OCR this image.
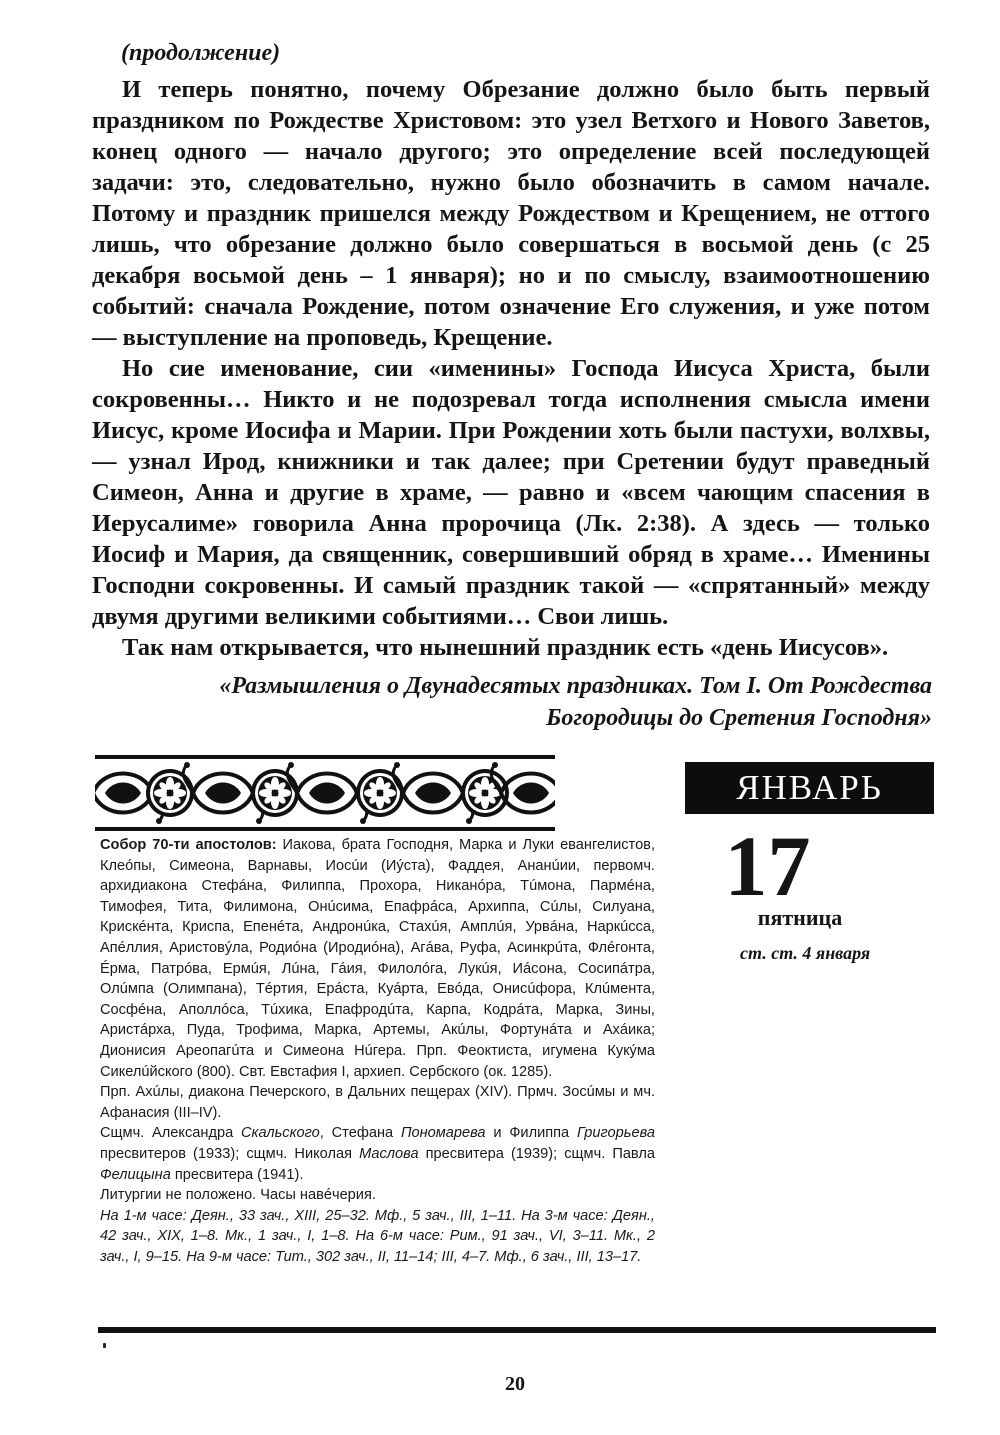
(продолжение)

И теперь понятно, почему Обрезание должно было быть первый праздником по Рождестве Христовом: это узел Ветхого и Нового Заветов, конец одного — начало другого; это определение всей последующей задачи: это, следовательно, нужно было обозначить в самом начале. Потому и праздник пришелся между Рождеством и Крещением, не оттого лишь, что обрезание должно было совершаться в восьмой день (с 25 декабря восьмой день – 1 января); но и по смыслу, взаимоотношению событий: сначала Рождение, потом означение Его служения, и уже потом — выступление на проповедь, Крещение.

Но сие именование, сии «именины» Господа Иисуса Христа, были сокровенны… Никто и не подозревал тогда исполнения смысла имени Иисус, кроме Иосифа и Марии. При Рождении хоть были пастухи, волхвы, — узнал Ирод, книжники и так далее; при Сретении будут праведный Симеон, Анна и другие в храме, — равно и «всем чающим спасения в Иерусалиме» говорила Анна пророчица (Лк. 2:38). А здесь — только Иосиф и Мария, да священник, совершивший обряд в храме… Именины Господни сокровенны. И самый праздник такой — «спрятанный» между двумя другими великими событиями… Свои лишь.

Так нам открывается, что нынешний праздник есть «день Иисусов».

«Размышления о Двунадесятых праздниках. Том I. От Рождества
Богородицы до Сретения Господня»
ЯНВАРЬ
17
пятница
ст. ст. 4 января

Собор 70-ти апостолов: Иакова, брата Господня, Марка и Луки евангелистов, Клеóпы, Симеона, Варнавы, Иосúи (Иýста), Фаддея, Ананúии, первомч. архидиакона Стефáна, Филиппа, Прохора, Никанóра, Тúмона, Пармéна, Тимофея, Тита, Филимона, Онúсима, Епафрáса, Архиппа, Сúлы, Силуана, Крискéнта, Криспа, Епенéта, Андронúка, Стахúя, Амплúя, Урвáна, Наркúсса, Апéллия, Аристовýла, Родиóна (Иродиóна), Агáва, Руфа, Асинкрúта, Флéгонта, Éрма, Патрóва, Ермúя, Лúна, Гáия, Филолóга, Лукúя, Иáсона, Сосипáтра, Олúмпа (Олимпана), Тéртия, Ерáста, Куáрта, Евóда, Онисúфора, Клúмента, Сосфéна, Аполлóса, Тúхика, Епафродúта, Карпа, Кодрáта, Марка, Зины, Аристáрха, Пуда, Трофима, Марка, Артемы, Акúлы, Фортунáта и Ахáика; Дионисия Ареопагúта и Симеона Нúгера. Прп. Феоктиста, игумена Кукýма Сикелúйского (800). Свт. Евстафия I, архиеп. Сербского (ок. 1285).

Прп. Ахúлы, диакона Печерского, в Дальних пещерах (XIV). Прмч. Зосúмы и мч. Афанасия (III–IV).

Сщмч. Александра Скальского, Стефана Пономарева и Филиппа Григорьева пресвитеров (1933); сщмч. Николая Маслова пресвитера (1939); сщмч. Павла Фелицына пресвитера (1941).

Литургии не положено. Часы навéчерия.

На 1-м часе: Деян., 33 зач., XIII, 25–32. Мф., 5 зач., III, 1–11. На 3-м часе: Деян., 42 зач., XIX, 1–8. Мк., 1 зач., I, 1–8. На 6-м часе: Рим., 91 зач., VI, 3–11. Мк., 2 зач., I, 9–15. На 9-м часе: Тит., 302 зач., II, 11–14; III, 4–7. Мф., 6 зач., III, 13–17.

20
